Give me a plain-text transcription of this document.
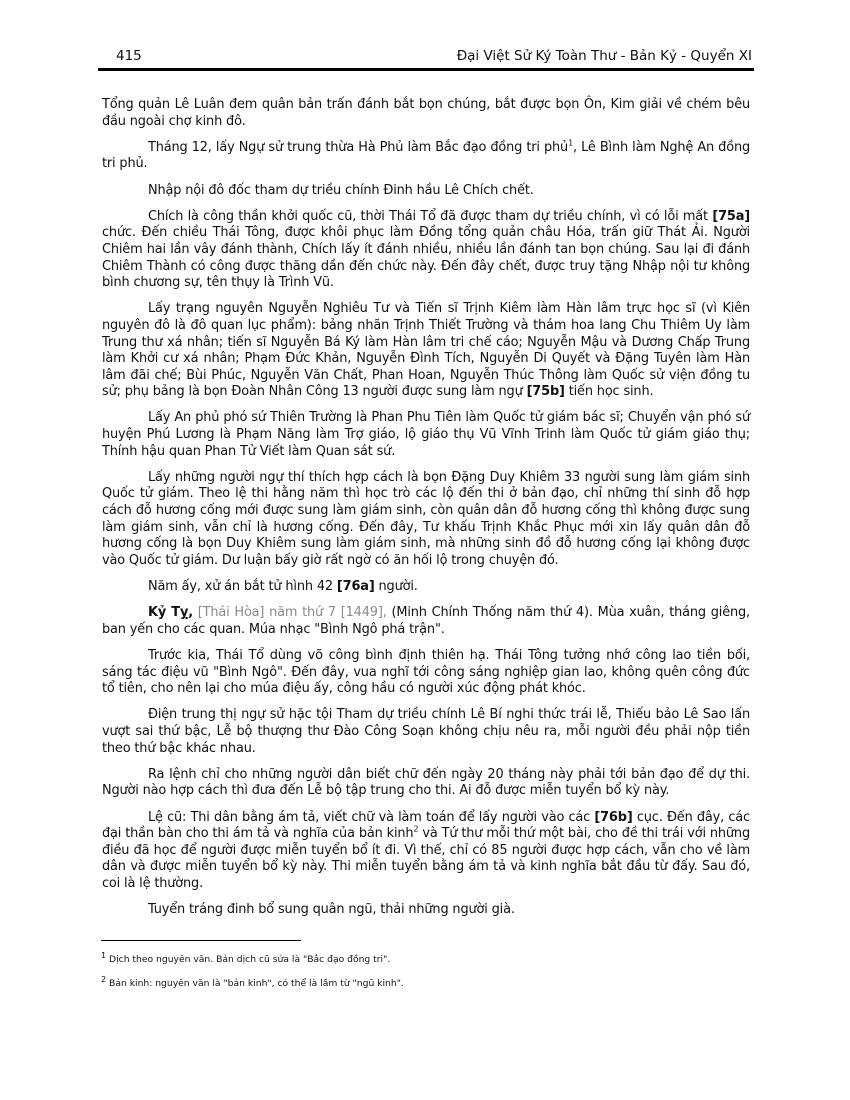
415	Đại Việt Sử Ký Toàn Thư - Bản Kỷ - Quyển XI

Tổng quản Lê Luân đem quân bản trấn đánh bắt bọn chúng, bắt được bọn Ôn, Kim giải về chém bêu đầu ngoài chợ kinh đô.

Tháng 12, lấy Ngự sử trung thừa Hà Phủ làm Bắc đạo đồng tri phủ$^1$, Lê Bình làm Nghệ An đồng tri phủ.

Nhập nội đô đốc tham dự triều chính Đinh hầu Lê Chích chết.

Chích là công thần khởi quốc cũ, thời Thái Tổ đã được tham dự triều chính, vì có lỗi mất [75a] chức. Đến chiều Thái Tông, được khôi phục làm Đồng tổng quản châu Hóa, trấn giữ Thát Ải. Người Chiêm hai lần vây đánh thành, Chích lấy ít đánh nhiều, nhiều lần đánh tan bọn chúng. Sau lại đi đánh Chiêm Thành có công được thăng dần đến chức này. Đến đây chết, được truy tặng Nhập nội tư không bình chương sự, tên thụy là Trình Vũ.

Lấy trạng nguyên Nguyễn Nghiêu Tư và Tiến sĩ Trịnh Kiêm làm Hàn lâm trực học sĩ (vì Kiên nguyên đô là đô quan lục phẩm): bảng nhãn Trịnh Thiết Trường và thám hoa lang Chu Thiêm Uy làm Trung thư xá nhân; tiến sĩ Nguyễn Bá Ký làm Hàn lâm tri chế cáo; Nguyễn Mậu và Dương Chấp Trung làm Khởi cư xá nhân; Phạm Đức Khản, Nguyễn Đình Tích, Nguyễn Di Quyết và Đặng Tuyên làm Hàn lâm đãi chế; Bùi Phúc, Nguyễn Văn Chất, Phan Hoan, Nguyễn Thúc Thông làm Quốc sử viện đồng tu sử; phụ bảng là bọn Đoàn Nhân Công 13 người được sung làm ngự [75b] tiến học sinh.

Lấy An phủ phó sứ Thiên Trường là Phan Phu Tiên làm Quốc tử giám bác sĩ; Chuyển vận phó sứ huyện Phú Lương là Phạm Năng làm Trợ giáo, lộ giáo thụ Vũ Vĩnh Trinh làm Quốc tử giám giáo thụ; Thính hậu quan Phan Tử Viết làm Quan sát sứ.

Lấy những người ngự thí thích hợp cách là bọn Đặng Duy Khiêm 33 người sung làm giám sinh Quốc tử giám. Theo lệ thi hằng năm thì học trò các lộ đến thi ở bản đạo, chỉ những thí sinh đỗ hợp cách đỗ hương cống mới được sung làm giám sinh, còn quân dân đỗ hương cống thì không được sung làm giám sinh, vẫn chỉ là hương cống. Đến đây, Tư khấu Trịnh Khắc Phục mới xin lấy quân dân đỗ hương cống là bọn Duy Khiêm sung làm giám sinh, mà những sinh đồ đỗ hương cống lại không được vào Quốc tử giám. Dư luận bấy giờ rất ngờ có ăn hối lộ trong chuyện đó.

Năm ấy, xử án bắt tử hình 42 [76a] người.

Kỷ Tỵ, [Thái Hòa] năm thứ 7 [1449], (Minh Chính Thống năm thứ 4). Mùa xuân, tháng giêng, ban yến cho các quan. Múa nhạc "Bình Ngô phá trận".

Trước kia, Thái Tổ dùng võ công bình định thiên hạ. Thái Tông tưởng nhớ công lao tiền bối, sáng tác điệu vũ "Bình Ngô". Đến đây, vua nghĩ tới công sáng nghiệp gian lao, không quên công đức tổ tiên, cho nên lại cho múa điệu ấy, công hầu có người xúc động phát khóc.

Điện trung thị ngự sử hặc tội Tham dự triều chính Lê Bí nghi thức trái lễ, Thiếu bảo Lê Sao lấn vượt sai thứ bậc, Lễ bộ thượng thư Đào Công Soạn không chịu nêu ra, mỗi người đều phải nộp tiền theo thứ bậc khác nhau.

Ra lệnh chỉ cho những người dân biết chữ đến ngày 20 tháng này phải tới bản đạo để dự thi. Người nào hợp cách thì đưa đến Lễ bộ tập trung cho thi. Ai đỗ được miễn tuyển bổ kỳ này.

Lệ cũ: Thi dân bằng ám tả, viết chữ và làm toán để lấy người vào các [76b] cục. Đến đây, các đại thần bàn cho thi ám tả và nghĩa của bản kinh$^2$ và Tứ thư mỗi thứ một bài, cho đề thi trái với những điều đã học để người được miễn tuyển bổ ít đi. Vì thế, chỉ có 85 người được hợp cách, vẫn cho về làm dân và được miễn tuyển bổ kỳ này. Thi miễn tuyển bằng ám tả và kinh nghĩa bắt đầu từ đấy. Sau đó, coi là lệ thường.

Tuyển tráng đinh bổ sung quân ngũ, thải những người già.

$^1$ Dịch theo nguyên văn. Bản dịch cũ sửa là "Bắc đạo đồng tri".
$^2$ Bản kinh: nguyên văn là "bản kinh", có thể là lầm từ "ngũ kinh".
